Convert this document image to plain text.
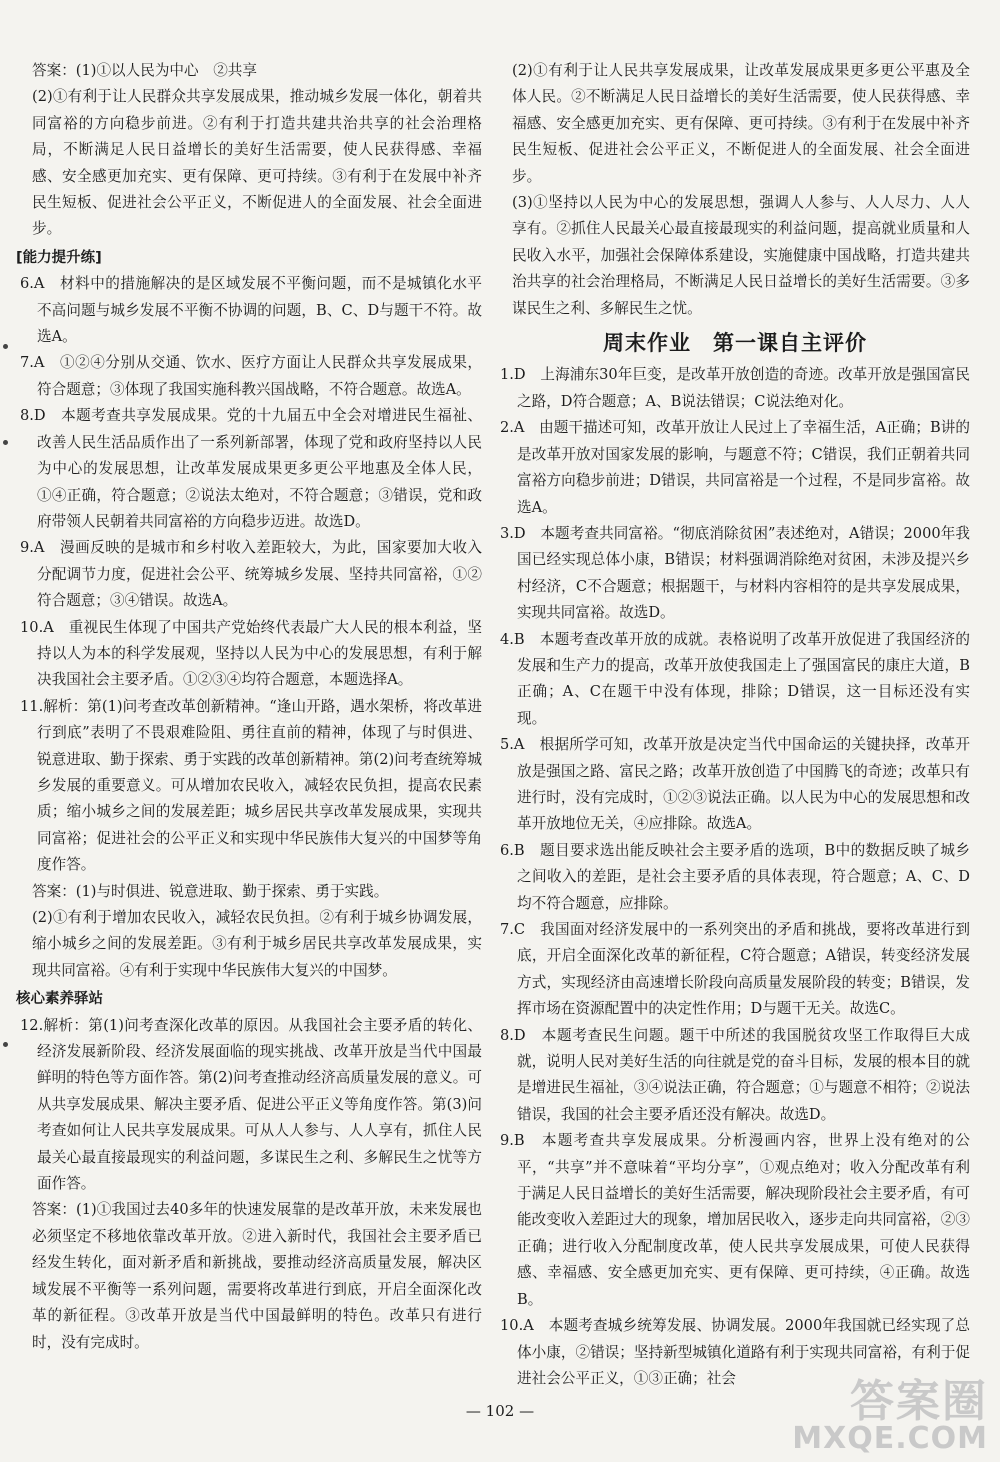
答案：(1)①以人民为中心　②共享

(2)①有利于让人民群众共享发展成果，推动城乡发展一体化，朝着共同富裕的方向稳步前进。②有利于打造共建共治共享的社会治理格局，不断满足人民日益增长的美好生活需要，使人民获得感、幸福感、安全感更加充实、更有保障、更可持续。③有利于在发展中补齐民生短板、促进社会公平正义，不断促进人的全面发展、社会全面进步。

[能力提升练]

6.A　材料中的措施解决的是区域发展不平衡问题，而不是城镇化水平不高问题与城乡发展不平衡不协调的问题，B、C、D与题干不符。故选A。

7.A　①②④分别从交通、饮水、医疗方面让人民群众共享发展成果，符合题意；③体现了我国实施科教兴国战略，不符合题意。故选A。

8.D　本题考查共享发展成果。党的十九届五中全会对增进民生福祉、改善人民生活品质作出了一系列新部署，体现了党和政府坚持以人民为中心的发展思想，让改革发展成果更多更公平地惠及全体人民，①④正确，符合题意；②说法太绝对，不符合题意；③错误，党和政府带领人民朝着共同富裕的方向稳步迈进。故选D。

9.A　漫画反映的是城市和乡村收入差距较大，为此，国家要加大收入分配调节力度，促进社会公平、统筹城乡发展、坚持共同富裕，①②符合题意；③④错误。故选A。

10.A　重视民生体现了中国共产党始终代表最广大人民的根本利益，坚持以人为本的科学发展观，坚持以人民为中心的发展思想，有利于解决我国社会主要矛盾。①②③④均符合题意，本题选择A。

11.解析：第(1)问考查改革创新精神。“逢山开路，遇水架桥，将改革进行到底”表明了不畏艰难险阻、勇往直前的精神，体现了与时俱进、锐意进取、勤于探索、勇于实践的改革创新精神。第(2)问考查统筹城乡发展的重要意义。可从增加农民收入，减轻农民负担，提高农民素质；缩小城乡之间的发展差距；城乡居民共享改革发展成果，实现共同富裕；促进社会的公平正义和实现中华民族伟大复兴的中国梦等角度作答。

答案：(1)与时俱进、锐意进取、勤于探索、勇于实践。

(2)①有利于增加农民收入，减轻农民负担。②有利于城乡协调发展，缩小城乡之间的发展差距。③有利于城乡居民共享改革发展成果，实现共同富裕。④有利于实现中华民族伟大复兴的中国梦。

核心素养驿站

12.解析：第(1)问考查深化改革的原因。从我国社会主要矛盾的转化、经济发展新阶段、经济发展面临的现实挑战、改革开放是当代中国最鲜明的特色等方面作答。第(2)问考查推动经济高质量发展的意义。可从共享发展成果、解决主要矛盾、促进公平正义等角度作答。第(3)问考查如何让人民共享发展成果。可从人人参与、人人享有，抓住人民最关心最直接最现实的利益问题，多谋民生之利、多解民生之忧等方面作答。

答案：(1)①我国过去40多年的快速发展靠的是改革开放，未来发展也必须坚定不移地依靠改革开放。②进入新时代，我国社会主要矛盾已经发生转化，面对新矛盾和新挑战，要推动经济高质量发展，解决区域发展不平衡等一系列问题，需要将改革进行到底，开启全面深化改革的新征程。③改革开放是当代中国最鲜明的特色。改革只有进行时，没有完成时。

(2)①有利于让人民共享发展成果，让改革发展成果更多更公平惠及全体人民。②不断满足人民日益增长的美好生活需要，使人民获得感、幸福感、安全感更加充实、更有保障、更可持续。③有利于在发展中补齐民生短板、促进社会公平正义，不断促进人的全面发展、社会全面进步。

(3)①坚持以人民为中心的发展思想，强调人人参与、人人尽力、人人享有。②抓住人民最关心最直接最现实的利益问题，提高就业质量和人民收入水平，加强社会保障体系建设，实施健康中国战略，打造共建共治共享的社会治理格局，不断满足人民日益增长的美好生活需要。③多谋民生之利、多解民生之忧。

周末作业　第一课自主评价

1.D　上海浦东30年巨变，是改革开放创造的奇迹。改革开放是强国富民之路，D符合题意；A、B说法错误；C说法绝对化。

2.A　由题干描述可知，改革开放让人民过上了幸福生活，A正确；B讲的是改革开放对国家发展的影响，与题意不符；C错误，我们正朝着共同富裕方向稳步前进；D错误，共同富裕是一个过程，不是同步富裕。故选A。

3.D　本题考查共同富裕。“彻底消除贫困”表述绝对，A错误；2000年我国已经实现总体小康，B错误；材料强调消除绝对贫困，未涉及提兴乡村经济，C不合题意；根据题干，与材料内容相符的是共享发展成果，实现共同富裕。故选D。

4.B　本题考查改革开放的成就。表格说明了改革开放促进了我国经济的发展和生产力的提高，改革开放使我国走上了强国富民的康庄大道，B正确；A、C在题干中没有体现，排除；D错误，这一目标还没有实现。

5.A　根据所学可知，改革开放是决定当代中国命运的关键抉择，改革开放是强国之路、富民之路；改革开放创造了中国腾飞的奇迹；改革只有进行时，没有完成时，①②③说法正确。以人民为中心的发展思想和改革开放地位无关，④应排除。故选A。

6.B　题目要求选出能反映社会主要矛盾的选项，B中的数据反映了城乡之间收入的差距，是社会主要矛盾的具体表现，符合题意；A、C、D均不符合题意，应排除。

7.C　我国面对经济发展中的一系列突出的矛盾和挑战，要将改革进行到底，开启全面深化改革的新征程，C符合题意；A错误，转变经济发展方式，实现经济由高速增长阶段向高质量发展阶段的转变；B错误，发挥市场在资源配置中的决定性作用；D与题干无关。故选C。

8.D　本题考查民生问题。题干中所述的我国脱贫攻坚工作取得巨大成就，说明人民对美好生活的向往就是党的奋斗目标，发展的根本目的就是增进民生福祉，③④说法正确，符合题意；①与题意不相符；②说法错误，我国的社会主要矛盾还没有解决。故选D。

9.B　本题考查共享发展成果。分析漫画内容，世界上没有绝对的公平，“共享”并不意味着“平均分享”，①观点绝对；收入分配改革有利于满足人民日益增长的美好生活需要，解决现阶段社会主要矛盾，有可能改变收入差距过大的现象，增加居民收入，逐步走向共同富裕，②③正确；进行收入分配制度改革，使人民共享发展成果，可使人民获得感、幸福感、安全感更加充实、更有保障、更可持续，④正确。故选B。

10.A　本题考查城乡统筹发展、协调发展。2000年我国就已经实现了总体小康，②错误；坚持新型城镇化道路有利于实现共同富裕，有利于促进社会公平正义，①③正确；社会

— 102 —	答案圈
MXQE.COM
